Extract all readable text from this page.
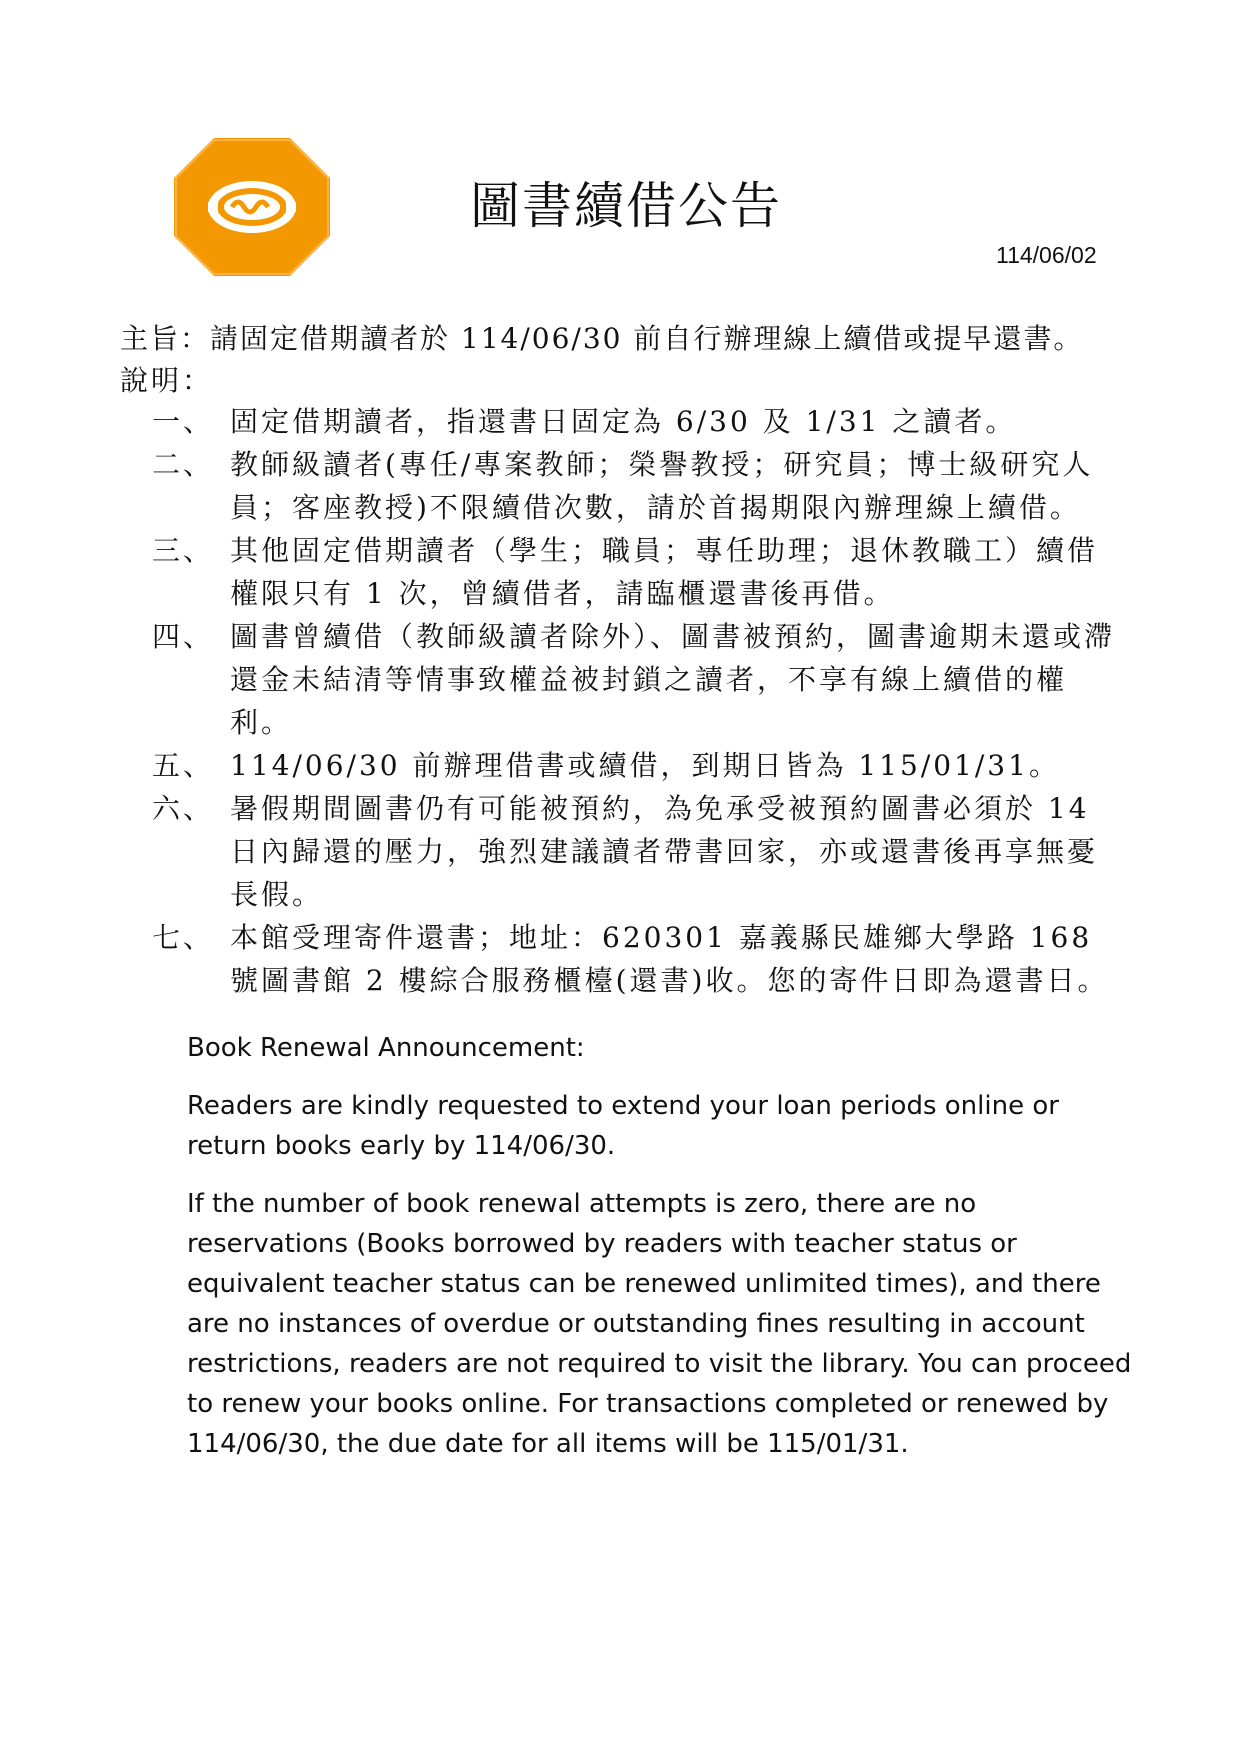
圖書續借公告
114/06/02
主旨：請固定借期讀者於 114/06/30 前自行辦理線上續借或提早還書。
說明：
一、 固定借期讀者，指還書日固定為 6/30 及 1/31 之讀者。
二、 教師級讀者(專任/專案教師；榮譽教授；研究員；博士級研究人員；客座教授)不限續借次數，請於首揭期限內辦理線上續借。
三、 其他固定借期讀者（學生；職員；專任助理；退休教職工）續借權限只有 1 次，曾續借者，請臨櫃還書後再借。
四、 圖書曾續借（教師級讀者除外）、圖書被預約，圖書逾期未還或滯還金未結清等情事致權益被封鎖之讀者，不享有線上續借的權利。
五、 114/06/30 前辦理借書或續借，到期日皆為 115/01/31。
六、 暑假期間圖書仍有可能被預約，為免承受被預約圖書必須於 14 日內歸還的壓力，強烈建議讀者帶書回家，亦或還書後再享無憂長假。
七、 本館受理寄件還書；地址：620301 嘉義縣民雄鄉大學路 168 號圖書館 2 樓綜合服務櫃檯(還書)收。您的寄件日即為還書日。

Book Renewal Announcement:

Readers are kindly requested to extend your loan periods online or return books early by 114/06/30.

If the number of book renewal attempts is zero, there are no reservations (Books borrowed by readers with teacher status or equivalent teacher status can be renewed unlimited times), and there are no instances of overdue or outstanding fines resulting in account restrictions, readers are not required to visit the library. You can proceed to renew your books online. For transactions completed or renewed by 114/06/30, the due date for all items will be 115/01/31.
